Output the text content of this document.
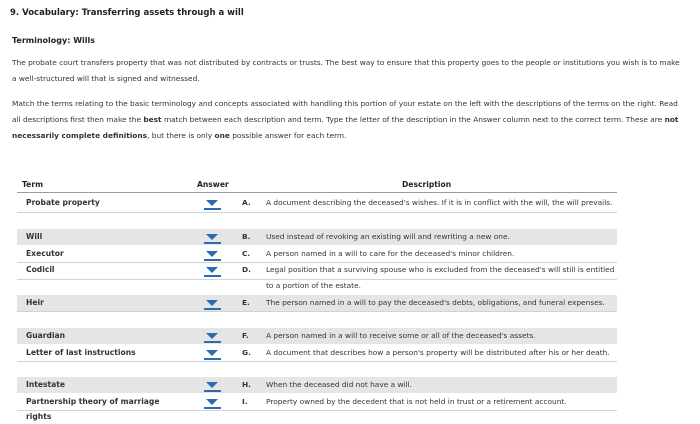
9. Vocabulary: Transferring assets through a will
Terminology: Wills
The probate court transfers property that was not distributed by contracts or trusts. The best way to ensure that this property goes to the people or institutions you wish is to make a well-structured will that is signed and witnessed.
Match the terms relating to the basic terminology and concepts associated with handling this portion of your estate on the left with the descriptions of the terms on the right. Read all descriptions first then make the best match between each description and term. Type the letter of the description in the Answer column next to the correct term. These are not necessarily complete definitions, but there is only one possible answer for each term.
Term	Answer	Description
Probate property
Will
Executor
Codicil
Heir
Guardian
Letter of last instructions
Intestate
Partnership theory of marriage
rights
A.
B.
C.
D.
E.
F.
G.
H.
I.
A document describing the deceased's wishes. If it is in conflict with the will, the will prevails.
Used instead of revoking an existing will and rewriting a new one.
A person named in a will to care for the deceased's minor children.
Legal position that a surviving spouse who is excluded from the deceased's will still is entitled to a portion of the estate.
The person named in a will to pay the deceased's debts, obligations, and funeral expenses.
A person named in a will to receive some or all of the deceased's assets.
A document that describes how a person's property will be distributed after his or her death.
When the deceased did not have a will.
Property owned by the decedent that is not held in trust or a retirement account.
